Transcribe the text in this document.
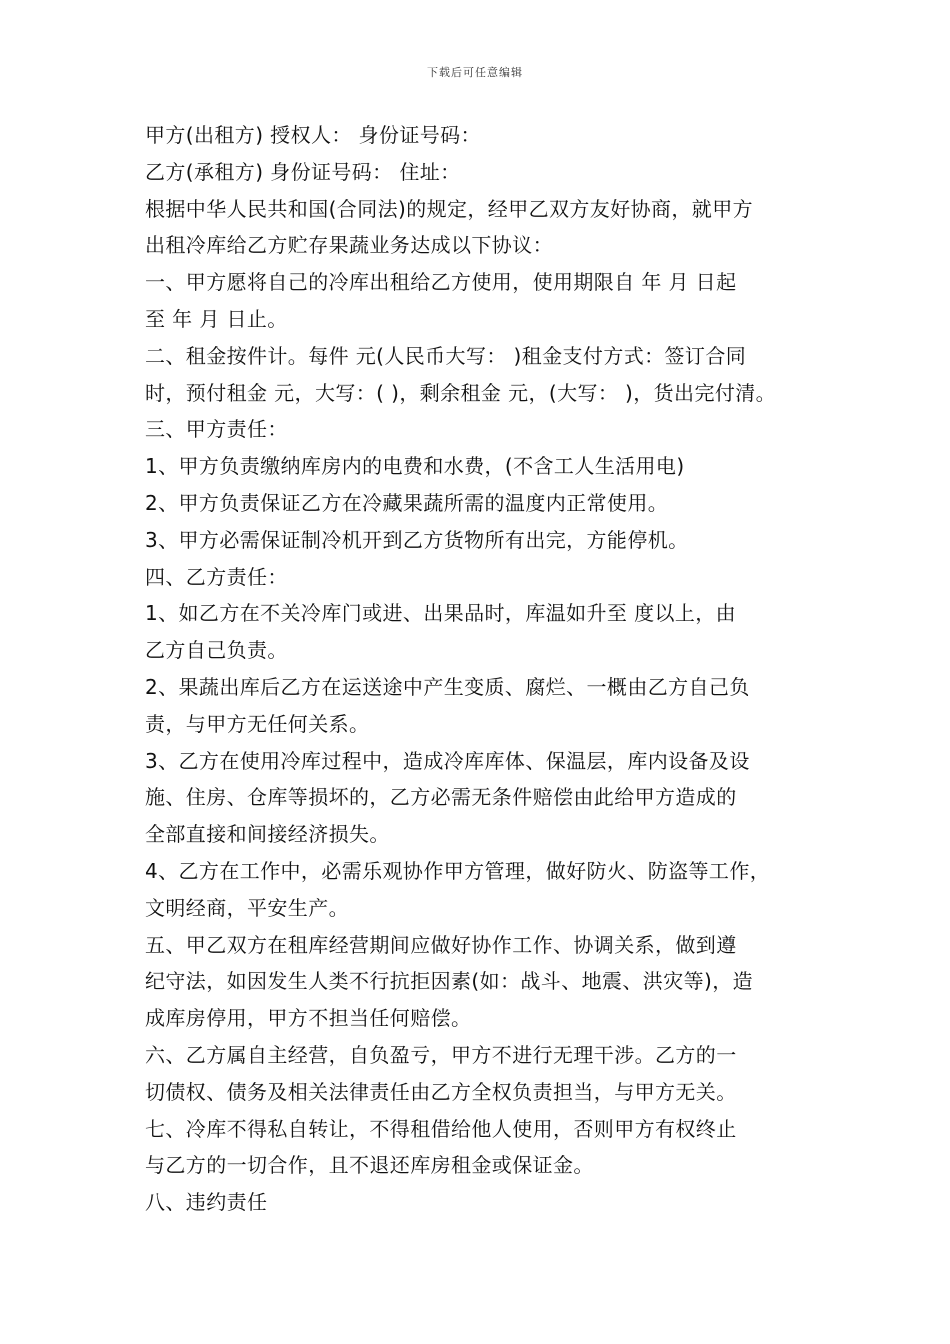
下载后可任意编辑
甲方(出租方) 授权人： 身份证号码：
乙方(承租方) 身份证号码： 住址：
根据中华人民共和国(合同法)的规定，经甲乙双方友好协商，就甲方
出租冷库给乙方贮存果蔬业务达成以下协议：
一、甲方愿将自己的冷库出租给乙方使用，使用期限自 年 月 日起
至 年 月 日止。
二、租金按件计。每件 元(人民币大写： )租金支付方式：签订合同
时，预付租金 元，大写：( )，剩余租金 元，(大写： )，货出完付清。
三、甲方责任：
1、甲方负责缴纳库房内的电费和水费，(不含工人生活用电)
2、甲方负责保证乙方在冷藏果蔬所需的温度内正常使用。
3、甲方必需保证制冷机开到乙方货物所有出完，方能停机。
四、乙方责任：
1、如乙方在不关冷库门或进、出果品时，库温如升至 度以上，由
乙方自己负责。
2、果蔬出库后乙方在运送途中产生变质、腐烂、一概由乙方自己负
责，与甲方无任何关系。
3、乙方在使用冷库过程中，造成冷库库体、保温层，库内设备及设
施、住房、仓库等损坏的，乙方必需无条件赔偿由此给甲方造成的
全部直接和间接经济损失。
4、乙方在工作中，必需乐观协作甲方管理，做好防火、防盗等工作，
文明经商，平安生产。
五、甲乙双方在租库经营期间应做好协作工作、协调关系，做到遵
纪守法，如因发生人类不行抗拒因素(如：战斗、地震、洪灾等)，造
成库房停用，甲方不担当任何赔偿。
六、乙方属自主经营，自负盈亏，甲方不进行无理干涉。乙方的一
切债权、债务及相关法律责任由乙方全权负责担当，与甲方无关。
七、冷库不得私自转让，不得租借给他人使用，否则甲方有权终止
与乙方的一切合作，且不退还库房租金或保证金。
八、违约责任
